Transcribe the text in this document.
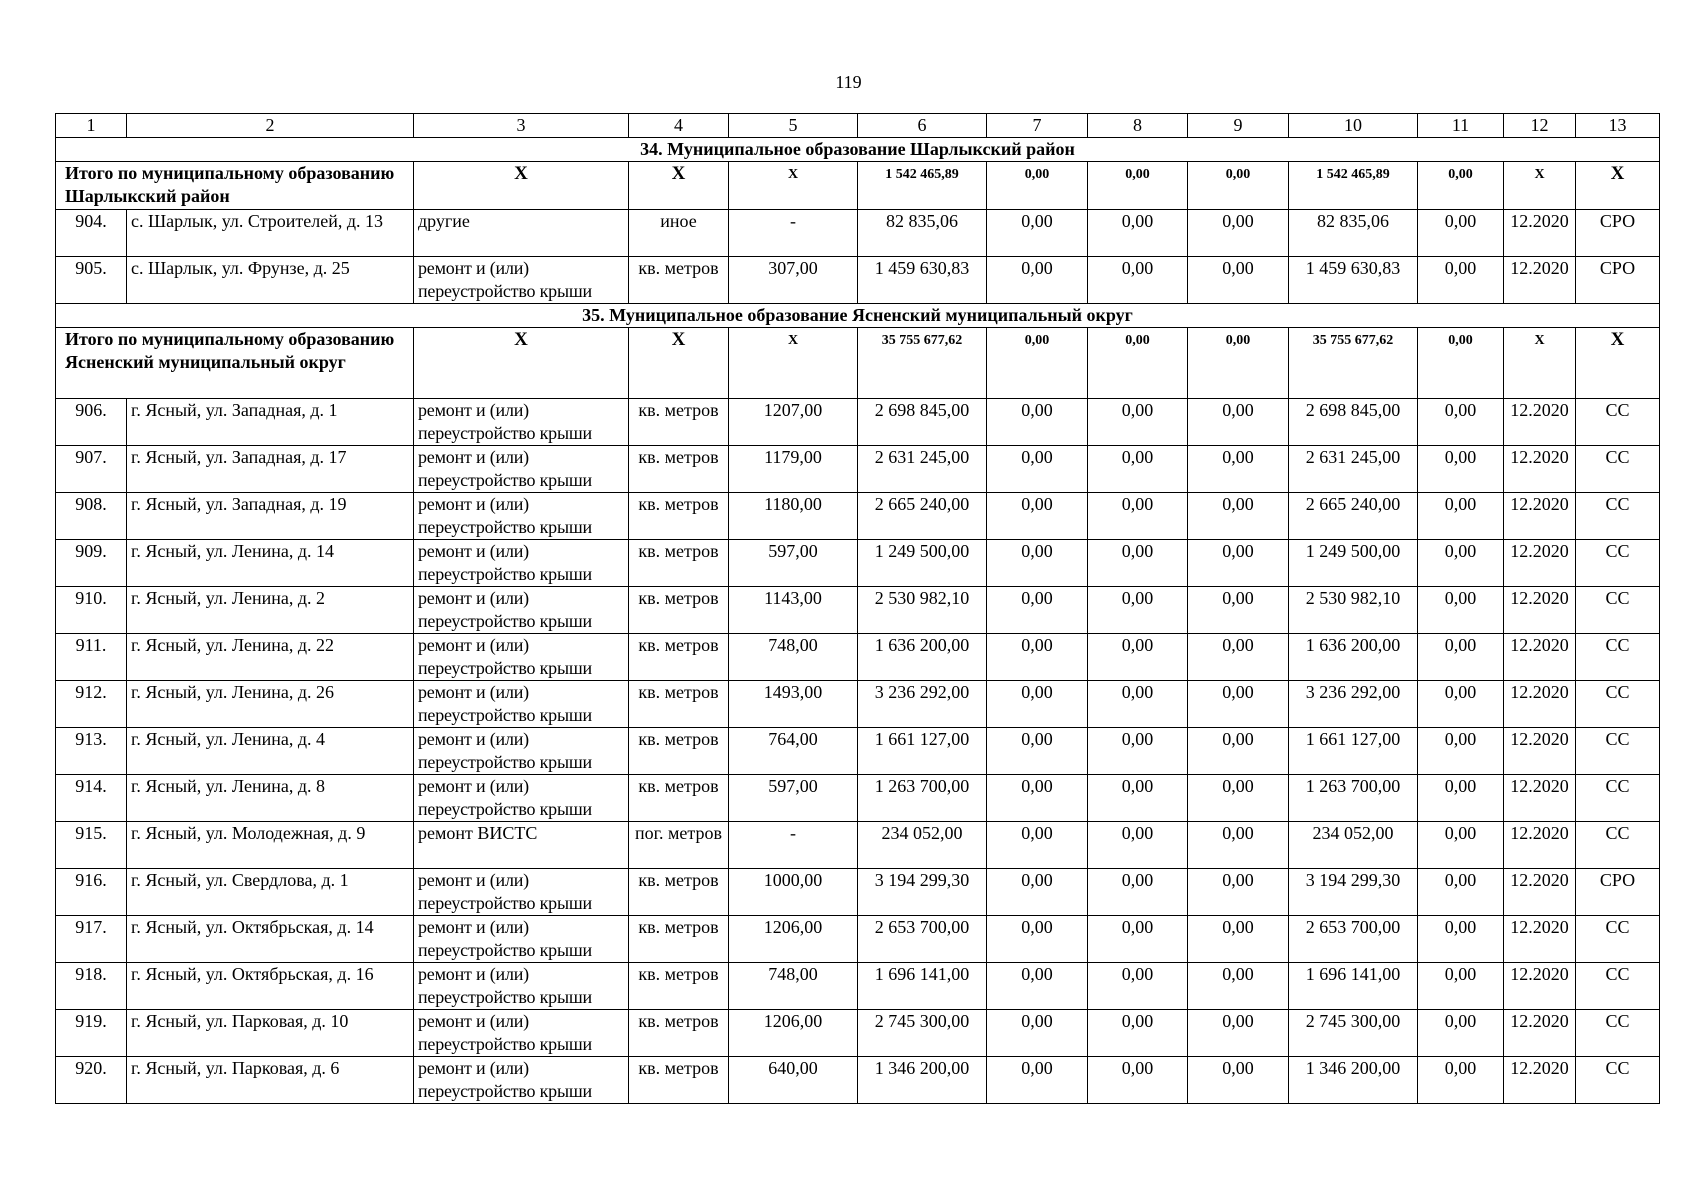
119
1	2	3	4	5	6	7	8	9	10	11	12	13
34. Муниципальное образование Шарлыкский район												
Итого по муниципальному образованию Шарлыкский район		X	X	X	1 542 465,89	0,00	0,00	0,00	1 542 465,89	0,00	X	X
904.	с. Шарлык, ул. Строителей, д. 13	другие	иное	-	82 835,06	0,00	0,00	0,00	82 835,06	0,00	12.2020	СРО
905.	с. Шарлык, ул. Фрунзе, д. 25	ремонт и (или) переустройство крыши	кв. метров	307,00	1 459 630,83	0,00	0,00	0,00	1 459 630,83	0,00	12.2020	СРО
35. Муниципальное образование Ясненский муниципальный округ												
Итого по муниципальному образованию Ясненский муниципальный округ		X	X	X	35 755 677,62	0,00	0,00	0,00	35 755 677,62	0,00	X	X
906.	г. Ясный, ул. Западная, д. 1	ремонт и (или) переустройство крыши	кв. метров	1207,00	2 698 845,00	0,00	0,00	0,00	2 698 845,00	0,00	12.2020	СС
907.	г. Ясный, ул. Западная, д. 17	ремонт и (или) переустройство крыши	кв. метров	1179,00	2 631 245,00	0,00	0,00	0,00	2 631 245,00	0,00	12.2020	СС
908.	г. Ясный, ул. Западная, д. 19	ремонт и (или) переустройство крыши	кв. метров	1180,00	2 665 240,00	0,00	0,00	0,00	2 665 240,00	0,00	12.2020	СС
909.	г. Ясный, ул. Ленина, д. 14	ремонт и (или) переустройство крыши	кв. метров	597,00	1 249 500,00	0,00	0,00	0,00	1 249 500,00	0,00	12.2020	СС
910.	г. Ясный, ул. Ленина, д. 2	ремонт и (или) переустройство крыши	кв. метров	1143,00	2 530 982,10	0,00	0,00	0,00	2 530 982,10	0,00	12.2020	СС
911.	г. Ясный, ул. Ленина, д. 22	ремонт и (или) переустройство крыши	кв. метров	748,00	1 636 200,00	0,00	0,00	0,00	1 636 200,00	0,00	12.2020	СС
912.	г. Ясный, ул. Ленина, д. 26	ремонт и (или) переустройство крыши	кв. метров	1493,00	3 236 292,00	0,00	0,00	0,00	3 236 292,00	0,00	12.2020	СС
913.	г. Ясный, ул. Ленина, д. 4	ремонт и (или) переустройство крыши	кв. метров	764,00	1 661 127,00	0,00	0,00	0,00	1 661 127,00	0,00	12.2020	СС
914.	г. Ясный, ул. Ленина, д. 8	ремонт и (или) переустройство крыши	кв. метров	597,00	1 263 700,00	0,00	0,00	0,00	1 263 700,00	0,00	12.2020	СС
915.	г. Ясный, ул. Молодежная, д. 9	ремонт ВИСТС	пог. метров	-	234 052,00	0,00	0,00	0,00	234 052,00	0,00	12.2020	СС
916.	г. Ясный, ул. Свердлова, д. 1	ремонт и (или) переустройство крыши	кв. метров	1000,00	3 194 299,30	0,00	0,00	0,00	3 194 299,30	0,00	12.2020	СРО
917.	г. Ясный, ул. Октябрьская, д. 14	ремонт и (или) переустройство крыши	кв. метров	1206,00	2 653 700,00	0,00	0,00	0,00	2 653 700,00	0,00	12.2020	СС
918.	г. Ясный, ул. Октябрьская, д. 16	ремонт и (или) переустройство крыши	кв. метров	748,00	1 696 141,00	0,00	0,00	0,00	1 696 141,00	0,00	12.2020	СС
919.	г. Ясный, ул. Парковая, д. 10	ремонт и (или) переустройство крыши	кв. метров	1206,00	2 745 300,00	0,00	0,00	0,00	2 745 300,00	0,00	12.2020	СС
920.	г. Ясный, ул. Парковая, д. 6	ремонт и (или) переустройство крыши	кв. метров	640,00	1 346 200,00	0,00	0,00	0,00	1 346 200,00	0,00	12.2020	СС
